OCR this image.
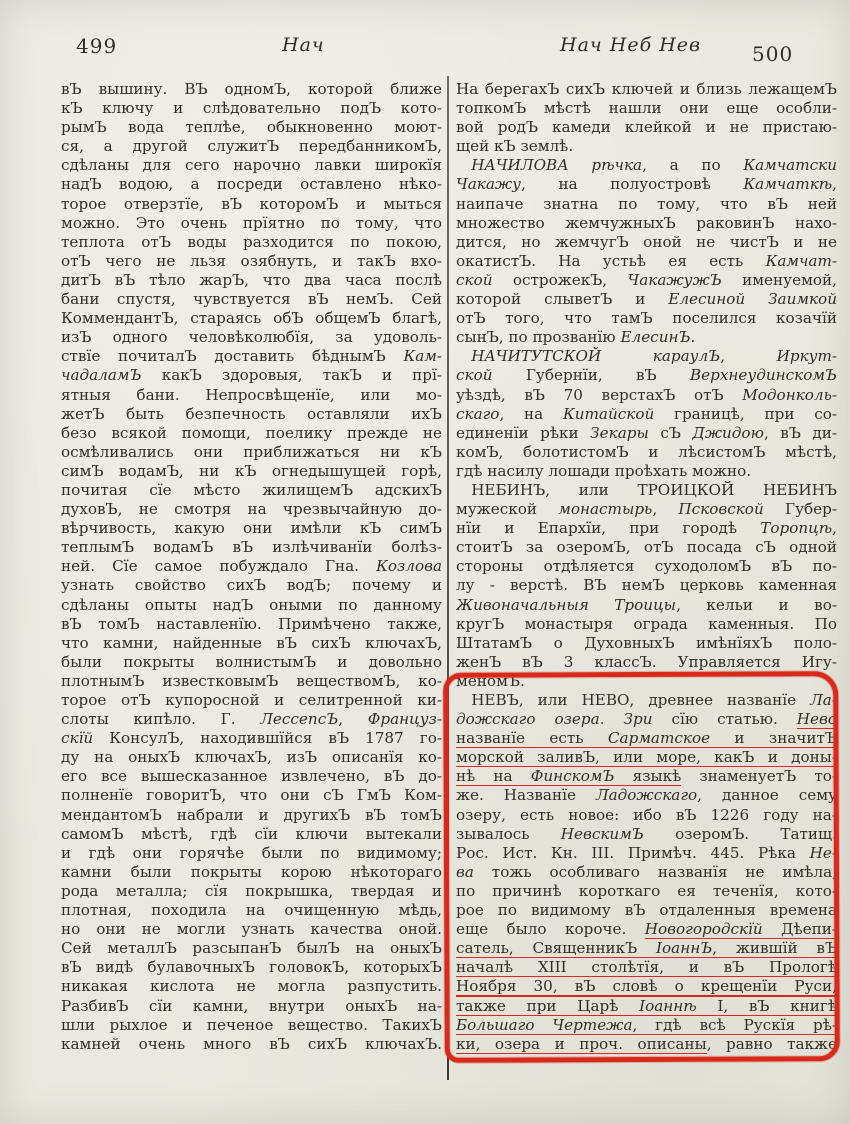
499	Нач	Нач Неб Нев	500
вЪ вышину. ВЪ одномЪ, которой ближе
кЪ ключу и слѣдовательно подЪ кото-
рымЪ вода теплѣе, обыкновенно моют-
ся, а другой служитЪ передбанникомЪ,
сдѣланы для сего нарочно лавки широкїя
надЪ водою, а посреди оставлено нѣко-
торое отверзтїе, вЪ которомЪ и мыться
можно. Это очень прїятно по тому, что
теплота отЪ воды разходится по покою,
отЪ чего не льзя озябнуть, и такЪ вхо-
дитЪ вЪ тѣло жарЪ, что два часа послѣ
бани спустя, чувствуется вЪ немЪ. Сей
КоммендантЪ, стараясь обЪ общемЪ благѣ,
изЪ одного человѣколюбїя, за удоволь-
ствїе почиталЪ доставить бѣднымЪ Кам-
чадаламЪ какЪ здоровыя, такЪ и прї-
ятныя бани. Непросвѣщенїе, или мо-
жетЪ быть безпечность оставляли ихЪ
безо всякой помощи, поелику прежде не
осмѣливались они приближаться ни кЪ
симЪ водамЪ, ни кЪ огнедышущей горѣ,
почитая сїе мѣсто жилищемЪ адскихЪ
духовЪ, не смотря на чрезвычайную до-
вѣрчивость, какую они имѣли кЪ симЪ
теплымЪ водамЪ вЪ излѣчиванїи болѣз-
ней. Сїе самое побуждало Гна. Козлова
узнать свойство сихЪ водЪ; почему и
сдѣланы опыты надЪ оными по данному
вЪ томЪ наставленїю. Примѣчено также,
что камни, найденные вЪ сихЪ ключахЪ,
были покрыты волнистымЪ и довольно
плотнымЪ известковымЪ веществомЪ, ко-
торое отЪ купоросной и селитренной ки-
слоты кипѣло. Г. ЛессепсЪ, Француз-
скїй КонсулЪ, находившїйся вЪ 1787 го-
ду на оныхЪ ключахЪ, изЪ описанїя ко-
его все вышесказанное извлечено, вЪ до-
полненїе говоритЪ, что они сЪ ГмЪ Ком-
мендантомЪ набрали и другихЪ вЪ томЪ
самомЪ мѣстѣ, гдѣ сїи ключи вытекали
и гдѣ они горячѣе были по видимому;
камни были покрыты корою нѣкотораго
рода металла; сїя покрышка, твердая и
плотная, походила на очищенную мѣдь,
но они не могли узнать качества оной.
Сей металлЪ разсыпанЪ былЪ на оныхЪ
вЪ видѣ булавочныхЪ головокЪ, которыхЪ
никакая кислота не могла разпустить.
РазбивЪ сїи камни, внутри оныхЪ на-
шли рыхлое и печеное вещество. ТакихЪ
камней очень много вЪ сихЪ ключахЪ.
На берегахЪ сихЪ ключей и близь лежащемЪ
топкомЪ мѣстѣ нашли они еще особли-
вой родЪ камеди клейкой и не пристаю-
щей кЪ землѣ.
 НАЧИЛОВА рѣчка, а по Камчатски
Чакажу, на полуостровѣ Камчаткѣ,
наипаче знатна по тому, что вЪ ней
множество жемчужныхЪ раковинЪ нахо-
дится, но жемчугЪ оной не чистЪ и не
окатистЪ. На устьѣ ея есть Камчат-
ской острожекЪ, ЧакажужЪ именуемой,
которой слыветЪ и Елесиной Заимкой
отЪ того, что тамЪ поселился козачїй
сынЪ, по прозванїю ЕлесинЪ.
 НАЧИТУТСКОЙ караулЪ, Иркут-
ской Губернїи, вЪ ВерхнеудинскомЪ
уѣздѣ, вЪ 70 верстахЪ отЪ Модонколь-
скаго, на Китайской границѣ, при со-
единенїи рѣки Зекары сЪ Джидою, вЪ ди-
комЪ, болотистомЪ и лѣсистомЪ мѣстѣ,
гдѣ насилу лошади проѣхать можно.
 НЕБИНЪ, или ТРОИЦКОЙ НЕБИНЪ
мужеской монастырь, Псковской Губер-
нїи и Епархїи, при городѣ Торопцѣ,
стоитЪ за озеромЪ, отЪ посада сЪ одной
стороны отдѣляется суходоломЪ вЪ по-
лу - верстѣ. ВЪ немЪ церковь каменная
Живоначальныя Троицы, кельи и во-
кругЪ монастыря ограда каменныя. По
ШтатамЪ о ДуховныхЪ имѣнїяхЪ поло-
женЪ вЪ 3 классЪ. Управляется Игу-
меномЪ.
 НЕВЪ, или НЕВО, древнее названїе Ла-
дожскаго озера. Зри сїю статью. Нево
названїе есть Сарматское и значитЪ
морской заливЪ, или море, какЪ и доны-
нѣ на ФинскомЪ языкѣ знаменуетЪ то-
же. Названїе Ладожскаго, данное сему
озеру, есть новое: ибо вЪ 1226 году на-
зывалось НевскимЪ озеромЪ. Татищ.
Рос. Ист. Кн. III. Примѣч. 445. Рѣка Не-
ва тожь особливаго названїя не имѣла,
по причинѣ короткаго ея теченїя, кото-
рое по видимому вЪ отдаленныя времена
еще было короче. Новогородскїй Дѣепи-
сатель, СвященникЪ ІоаннЪ, жившїй вЪ
началѣ XIII столѣтїя, и вЪ Прологѣ
Ноября 30, вЪ словѣ о крещенїи Руси,
также при Царѣ Іоаннѣ I, вЪ книгѣ
Большаго Чертежа, гдѣ всѣ Рускїя рѣ-
ки, озера и проч. описаны, равно также
